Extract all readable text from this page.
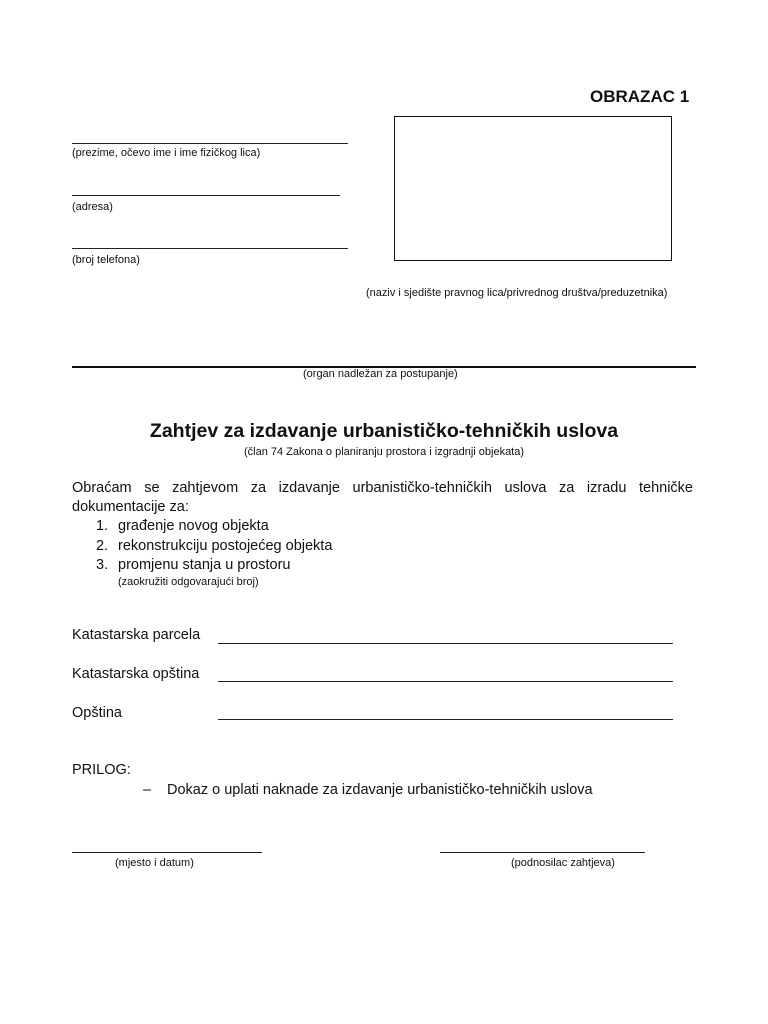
OBRAZAC 1
(prezime, očevo ime i ime fizičkog lica)
(adresa)
(broj telefona)
(naziv i sjedište pravnog lica/privrednog društva/preduzetnika)
(organ nadležan za postupanje)
Zahtjev za izdavanje urbanističko-tehničkih uslova
(član 74 Zakona o planiranju prostora i izgradnji objekata)
Obraćam se zahtjevom za izdavanje urbanističko-tehničkih uslova za izradu tehničke dokumentacije za:
1. građenje novog objekta
2. rekonstrukciju postojećeg objekta
3. promjenu stanja u prostoru
(zaokružiti odgovarajući broj)
Katastarska parcela
Katastarska opština
Opština
PRILOG:
– Dokaz o uplati naknade za izdavanje urbanističko-tehničkih uslova
(mjesto i datum)	(podnosilac zahtjeva)
